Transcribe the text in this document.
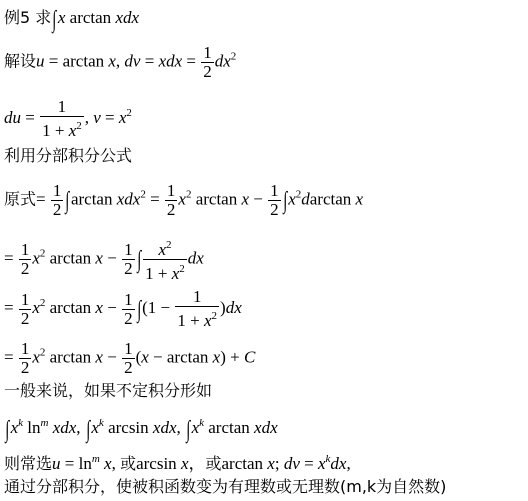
例5 求∫x arctan xdx
解设u = arctan x, dv = xdx = $\frac{1}{2} dx^2$
du = $\frac{1}{1 + x^2}$ , $v = x^2$
利用分部积分公式
原式= $\frac{1}{2} \int\arctan$ $xdx^2 = \frac{1}{2} x^2$ $\arctan x - \frac{1}{2} \int x^2darctan$ x
= $\frac{1}{2} x^2$ $\arctan x - \frac{1}{2}$ ∫ $\frac{x^2}{1 + x^2}$ dx
= $\frac{1}{2} x^2$ $\arctan x - \frac{1}{2} \int(1 - \frac{1}{1 + x^2} )dx$
= $\frac{1}{2} x^2$ $\arctan x - \frac{1}{2} (x - \arctan x) + C$
一般来说，如果不定积分形如
$\int x^k$ $\ln^m$ xdx, $\int x^k$ arcsin xdx, $\int x^k$ arctan xdx
则常选$u = \ln^m x$, 或arcsin x，或arctan x; dv = $x^kdx$,
通过分部积分，使被积函数变为有理数或无理数(m,k为自然数)
